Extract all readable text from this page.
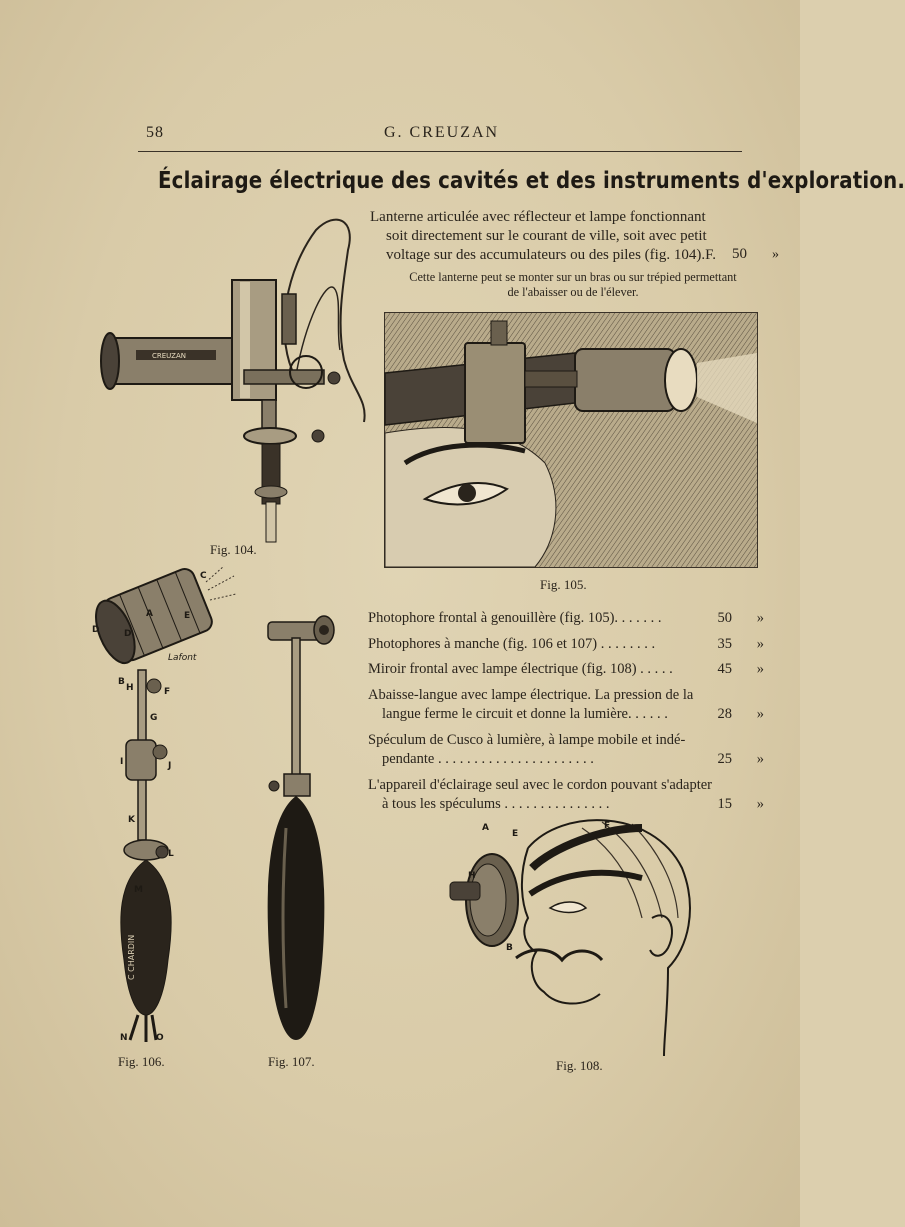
58	G. CREUZAN
Éclairage électrique des cavités et des instruments d'exploration.
Lanterne articulée avec réflecteur et lampe fonctionnant
soit directement sur le courant de ville, soit avec petit
voltage sur des accumulateurs ou des piles (fig. 104).F.	50 »
Cette lanterne peut se monter sur un bras ou sur trépied permettant
de l'abaisser ou de l'élever.
CREUZAN
Fig. 104.
Fig. 105.
Lafont
C CHARDIN
A
B
C
D	D
E
F
G
H
I	J
K
L
M
N	O
Fig. 106.	Fig. 107.
Photophore frontal à genouillère (fig. 105). . . . . . .	50 »
Photophores à manche (fig. 106 et 107) . . . . . . . .	35 »
Miroir frontal avec lampe électrique (fig. 108) . . . . .	45 »
Abaisse-langue avec lampe électrique. La pression de la
langue ferme le circuit et donne la lumière. . . . . .	28 »
Spéculum de Cusco à lumière, à lampe mobile et indé-
pendante . . . . . . . . . . . . . . . . . . . . . .	25 »
L'appareil d'éclairage seul avec le cordon pouvant s'adapter
à tous les spéculums . . . . . . . . . . . . . . .	15 »
A
B
E
F
H
Fig. 108.
